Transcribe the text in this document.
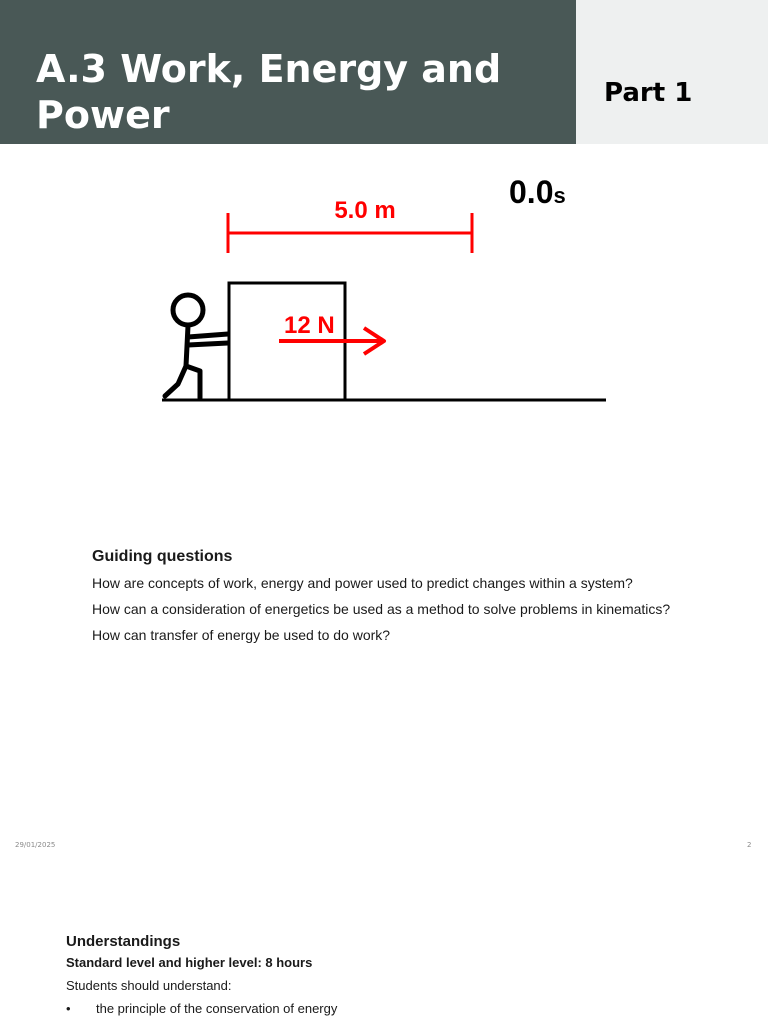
A.3 Work, Energy and Power	Part 1
5.0 m
0.0s
12 N
Guiding questions
How are concepts of work, energy and power used to predict changes within a system?
How can a consideration of energetics be used as a method to solve problems in kinematics?
How can transfer of energy be used to do work?
29/01/2025	2
Understandings
Standard level and higher level: 8 hours
Students should understand:
• the principle of the conservation of energy
